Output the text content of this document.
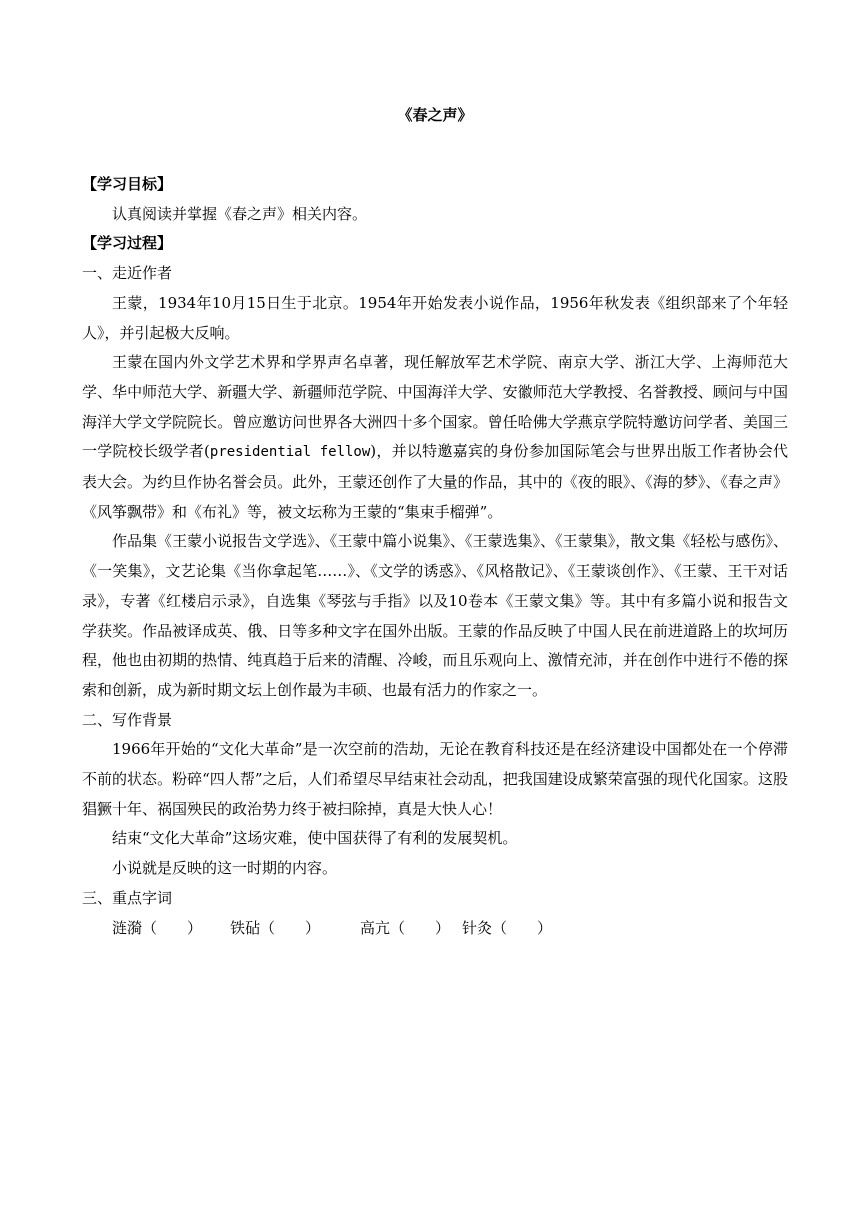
《春之声》

【学习目标】

认真阅读并掌握《春之声》相关内容。

【学习过程】

一、走近作者

王蒙，1934年10月15日生于北京。1954年开始发表小说作品，1956年秋发表《组织部来了个年轻人》，并引起极大反响。

王蒙在国内外文学艺术界和学界声名卓著，现任解放军艺术学院、南京大学、浙江大学、上海师范大学、华中师范大学、新疆大学、新疆师范学院、中国海洋大学、安徽师范大学教授、名誉教授、顾问与中国海洋大学文学院院长。曾应邀访问世界各大洲四十多个国家。曾任哈佛大学燕京学院特邀访问学者、美国三一学院校长级学者(presidential fellow)，并以特邀嘉宾的身份参加国际笔会与世界出版工作者协会代表大会。为约旦作协名誉会员。此外，王蒙还创作了大量的作品，其中的《夜的眼》、《海的梦》、《春之声》《风筝飘带》和《布礼》等，被文坛称为王蒙的“集束手榴弹”。

作品集《王蒙小说报告文学选》、《王蒙中篇小说集》、《王蒙选集》、《王蒙集》，散文集《轻松与感伤》、《一笑集》，文艺论集《当你拿起笔……》、《文学的诱惑》、《风格散记》、《王蒙谈创作》、《王蒙、王干对话录》，专著《红楼启示录》，自选集《琴弦与手指》以及10卷本《王蒙文集》等。其中有多篇小说和报告文学获奖。作品被译成英、俄、日等多种文字在国外出版。王蒙的作品反映了中国人民在前进道路上的坎坷历程，他也由初期的热情、纯真趋于后来的清醒、冷峻，而且乐观向上、激情充沛，并在创作中进行不倦的探索和创新，成为新时期文坛上创作最为丰硕、也最有活力的作家之一。

二、写作背景

1966年开始的“文化大革命”是一次空前的浩劫，无论在教育科技还是在经济建设中国都处在一个停滞不前的状态。粉碎“四人帮”之后，人们希望尽早结束社会动乱，把我国建设成繁荣富强的现代化国家。这股猖獗十年、祸国殃民的政治势力终于被扫除掉，真是大快人心！

结束“文化大革命”这场灾难，使中国获得了有利的发展契机。

小说就是反映的这一时期的内容。

三、重点字词

涟漪（　　） 铁砧（　　）	高亢（　　） 针灸（　　）
